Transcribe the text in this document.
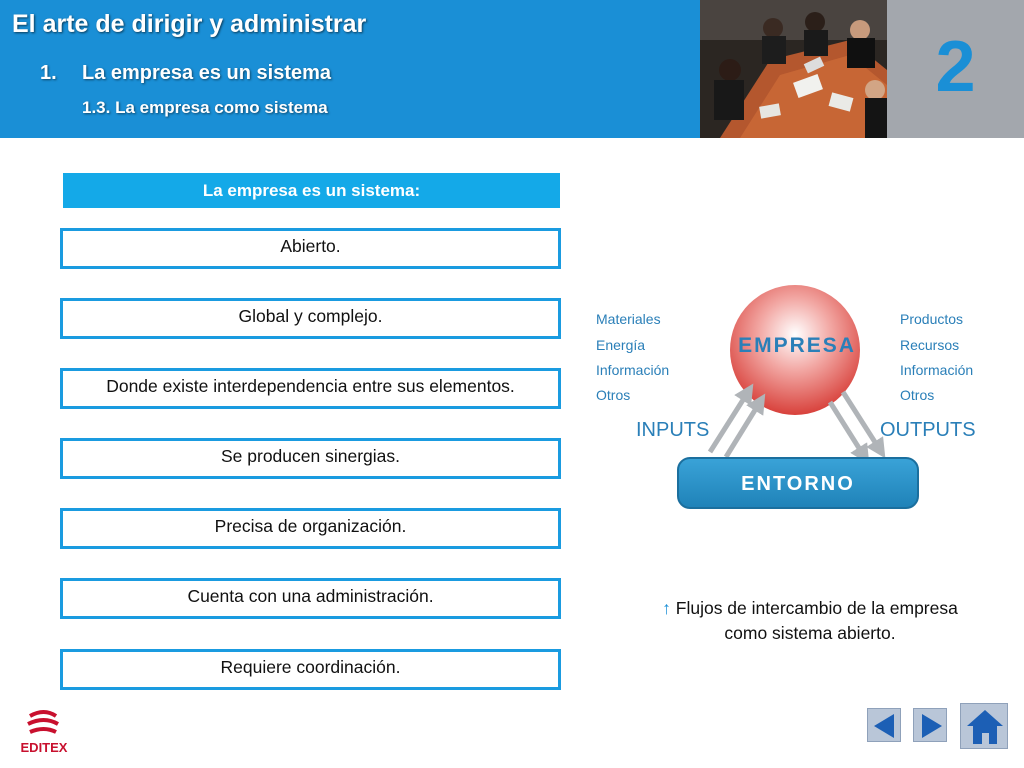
El arte de dirigir y administrar
1. La empresa es un sistema
1.3. La empresa como sistema
2
La empresa es un sistema:
Abierto.
Global y complejo.
Donde existe interdependencia entre sus elementos.
Se producen sinergias.
Precisa de organización.
Cuenta con una administración.
Requiere coordinación.
EMPRESA
ENTORNO
Materiales
Energía
Información
Otros
Productos
Recursos
Información
Otros
INPUTS	OUTPUTS
↑ Flujos de intercambio de la empresa como sistema abierto.
EDITEX
